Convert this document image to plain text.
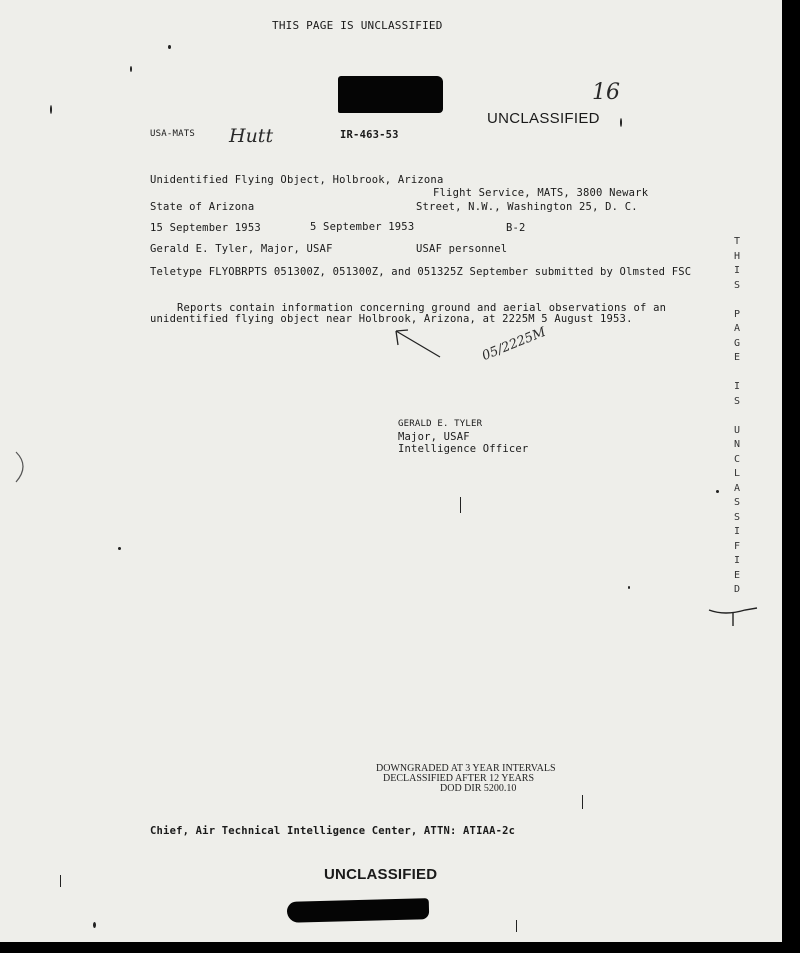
THIS PAGE IS UNCLASSIFIED
UNCLASSIFIED
16
USA-MATS Hutt	IR-463-53
Unidentified Flying Object, Holbrook, Arizona
Flight Service, MATS, 3800 Newark
State of Arizona	Street, N.W., Washington 25, D. C.
15 September 1953	5 September 1953	B-2
Gerald E. Tyler, Major, USAF	USAF personnel
Teletype FLYOBRPTS 051300Z, 051300Z, and 051325Z September submitted by Olmsted FSC
Reports contain information concerning ground and aerial observations of an
unidentified flying object near Holbrook, Arizona, at 2225M 5 August 1953.
05/2225M
GERALD E. TYLER
Major, USAF
Intelligence Officer
T
H
I
S
P
A
G
E
I
S
U
N
C
L
A
S
S
I
F
I
E
D
DOWNGRADED AT 3 YEAR INTERVALS
DECLASSIFIED AFTER 12 YEARS
DOD DIR 5200.10
Chief, Air Technical Intelligence Center, ATTN: ATIAA-2c
UNCLASSIFIED
